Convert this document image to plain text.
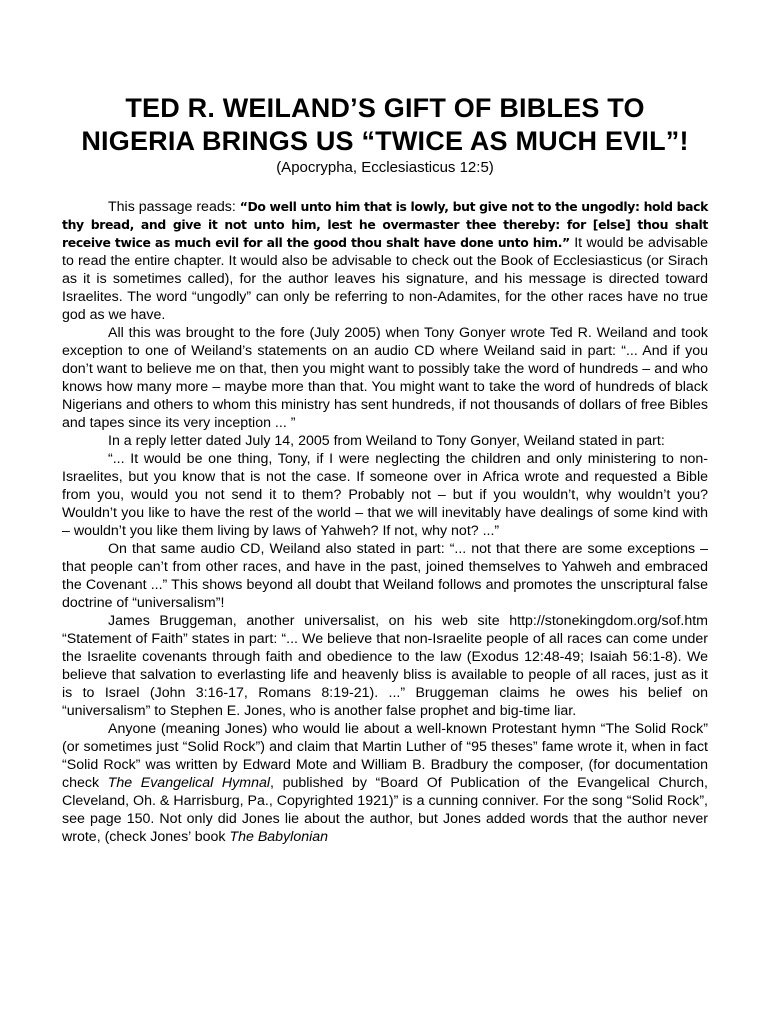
TED R. WEILAND’S GIFT OF BIBLES TO
NIGERIA BRINGS US “TWICE AS MUCH EVIL”!
(Apocrypha, Ecclesiasticus 12:5)

This passage reads: “Do well unto him that is lowly, but give not to the ungodly: hold back thy bread, and give it not unto him, lest he overmaster thee thereby: for [else] thou shalt receive twice as much evil for all the good thou shalt have done unto him.” It would be advisable to read the entire chapter. It would also be advisable to check out the Book of Ecclesiasticus (or Sirach as it is sometimes called), for the author leaves his signature, and his message is directed toward Israelites. The word “ungodly” can only be referring to non-Adamites, for the other races have no true god as we have.

All this was brought to the fore (July 2005) when Tony Gonyer wrote Ted R. Weiland and took exception to one of Weiland’s statements on an audio CD where Weiland said in part: “... And if you don’t want to believe me on that, then you might want to possibly take the word of hundreds – and who knows how many more – maybe more than that. You might want to take the word of hundreds of black Nigerians and others to whom this ministry has sent hundreds, if not thousands of dollars of free Bibles and tapes since its very inception ... ”

In a reply letter dated July 14, 2005 from Weiland to Tony Gonyer, Weiland stated in part:

“... It would be one thing, Tony, if I were neglecting the children and only ministering to non-Israelites, but you know that is not the case. If someone over in Africa wrote and requested a Bible from you, would you not send it to them? Probably not – but if you wouldn’t, why wouldn’t you? Wouldn’t you like to have the rest of the world – that we will inevitably have dealings of some kind with – wouldn’t you like them living by laws of Yahweh? If not, why not? ...”

On that same audio CD, Weiland also stated in part: “... not that there are some exceptions – that people can’t from other races, and have in the past, joined themselves to Yahweh and embraced the Covenant ...” This shows beyond all doubt that Weiland follows and promotes the unscriptural false doctrine of “universalism”!

James Bruggeman, another universalist, on his web site http://stonekingdom.org/sof.htm “Statement of Faith” states in part: “... We believe that non-Israelite people of all races can come under the Israelite covenants through faith and obedience to the law (Exodus 12:48-49; Isaiah 56:1-8). We believe that salvation to everlasting life and heavenly bliss is available to people of all races, just as it is to Israel (John 3:16-17, Romans 8:19-21). ...” Bruggeman claims he owes his belief on “universalism” to Stephen E. Jones, who is another false prophet and big-time liar.

Anyone (meaning Jones) who would lie about a well-known Protestant hymn “The Solid Rock” (or sometimes just “Solid Rock”) and claim that Martin Luther of “95 theses” fame wrote it, when in fact “Solid Rock” was written by Edward Mote and William B. Bradbury the composer, (for documentation check The Evangelical Hymnal, published by “Board Of Publication of the Evangelical Church, Cleveland, Oh. & Harrisburg, Pa., Copyrighted 1921)” is a cunning conniver. For the song “Solid Rock”, see page 150. Not only did Jones lie about the author, but Jones added words that the author never wrote, (check Jones’ book The Babylonian
